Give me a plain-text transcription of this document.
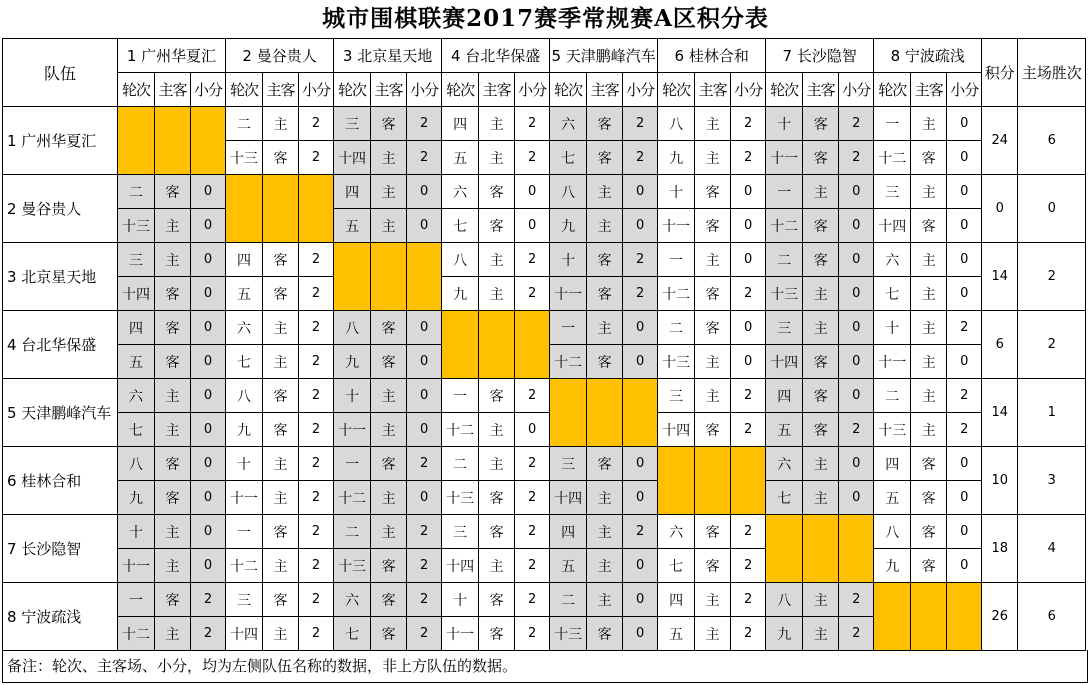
城市围棋联赛2017赛季常规赛A区积分表
队伍	1 广州华夏汇			2 曼谷贵人			3 北京星天地			4 台北华保盛			5 天津鹏峰汽车			6 桂林合和			7 长沙隐智			8 宁波疏浅			积分	主场胜次
	轮次	主客	小分	轮次	主客	小分	轮次	主客	小分	轮次	主客	小分	轮次	主客	小分	轮次	主客	小分	轮次	主客	小分	轮次	主客	小分		
1 广州华夏汇				二	主	2	三	客	2	四	主	2	六	客	2	八	主	2	十	客	2	一	主	0	24	6
				十三	客	2	十四	主	2	五	主	2	七	客	2	九	主	2	十一	客	2	十二	客	0		
2 曼谷贵人	二	客	0				四	主	0	六	客	0	八	主	0	十	客	0	一	主	0	三	主	0	0	0
	十三	主	0				五	主	0	七	客	0	九	主	0	十一	客	0	十二	客	0	十四	客	0		
3 北京星天地	三	主	0	四	客	2				八	主	2	十	客	2	一	主	0	二	客	0	六	主	0	14	2
	十四	客	0	五	客	2				九	主	2	十一	客	2	十二	客	2	十三	主	0	七	主	0		
4 台北华保盛	四	客	0	六	主	2	八	客	0				一	主	0	二	客	0	三	主	0	十	主	2	6	2
	五	客	0	七	主	2	九	客	0				十二	客	0	十三	主	0	十四	客	0	十一	主	0		
5 天津鹏峰汽车	六	主	0	八	客	2	十	主	0	一	客	2				三	主	2	四	客	0	二	主	2	14	1
	七	主	0	九	客	2	十一	主	0	十二	主	0				十四	客	2	五	客	2	十三	主	2		
6 桂林合和	八	客	0	十	主	2	一	客	2	二	主	2	三	客	0				六	主	0	四	客	0	10	3
	九	客	0	十一	主	2	十二	主	0	十三	客	2	十四	主	0				七	主	0	五	客	0		
7 长沙隐智	十	主	0	一	客	2	二	主	2	三	客	2	四	主	2	六	客	2				八	客	0	18	4
	十一	主	0	十二	主	2	十三	客	2	十四	主	2	五	主	0	七	客	2				九	客	0		
8 宁波疏浅	一	客	2	三	客	2	六	客	2	十	客	2	二	主	0	四	主	2	八	主	2				26	6
	十二	主	2	十四	主	2	七	客	2	十一	客	2	十三	客	0	五	主	2	九	主	2					
备注：轮次、主客场、小分，均为左侧队伍名称的数据，非上方队伍的数据。
